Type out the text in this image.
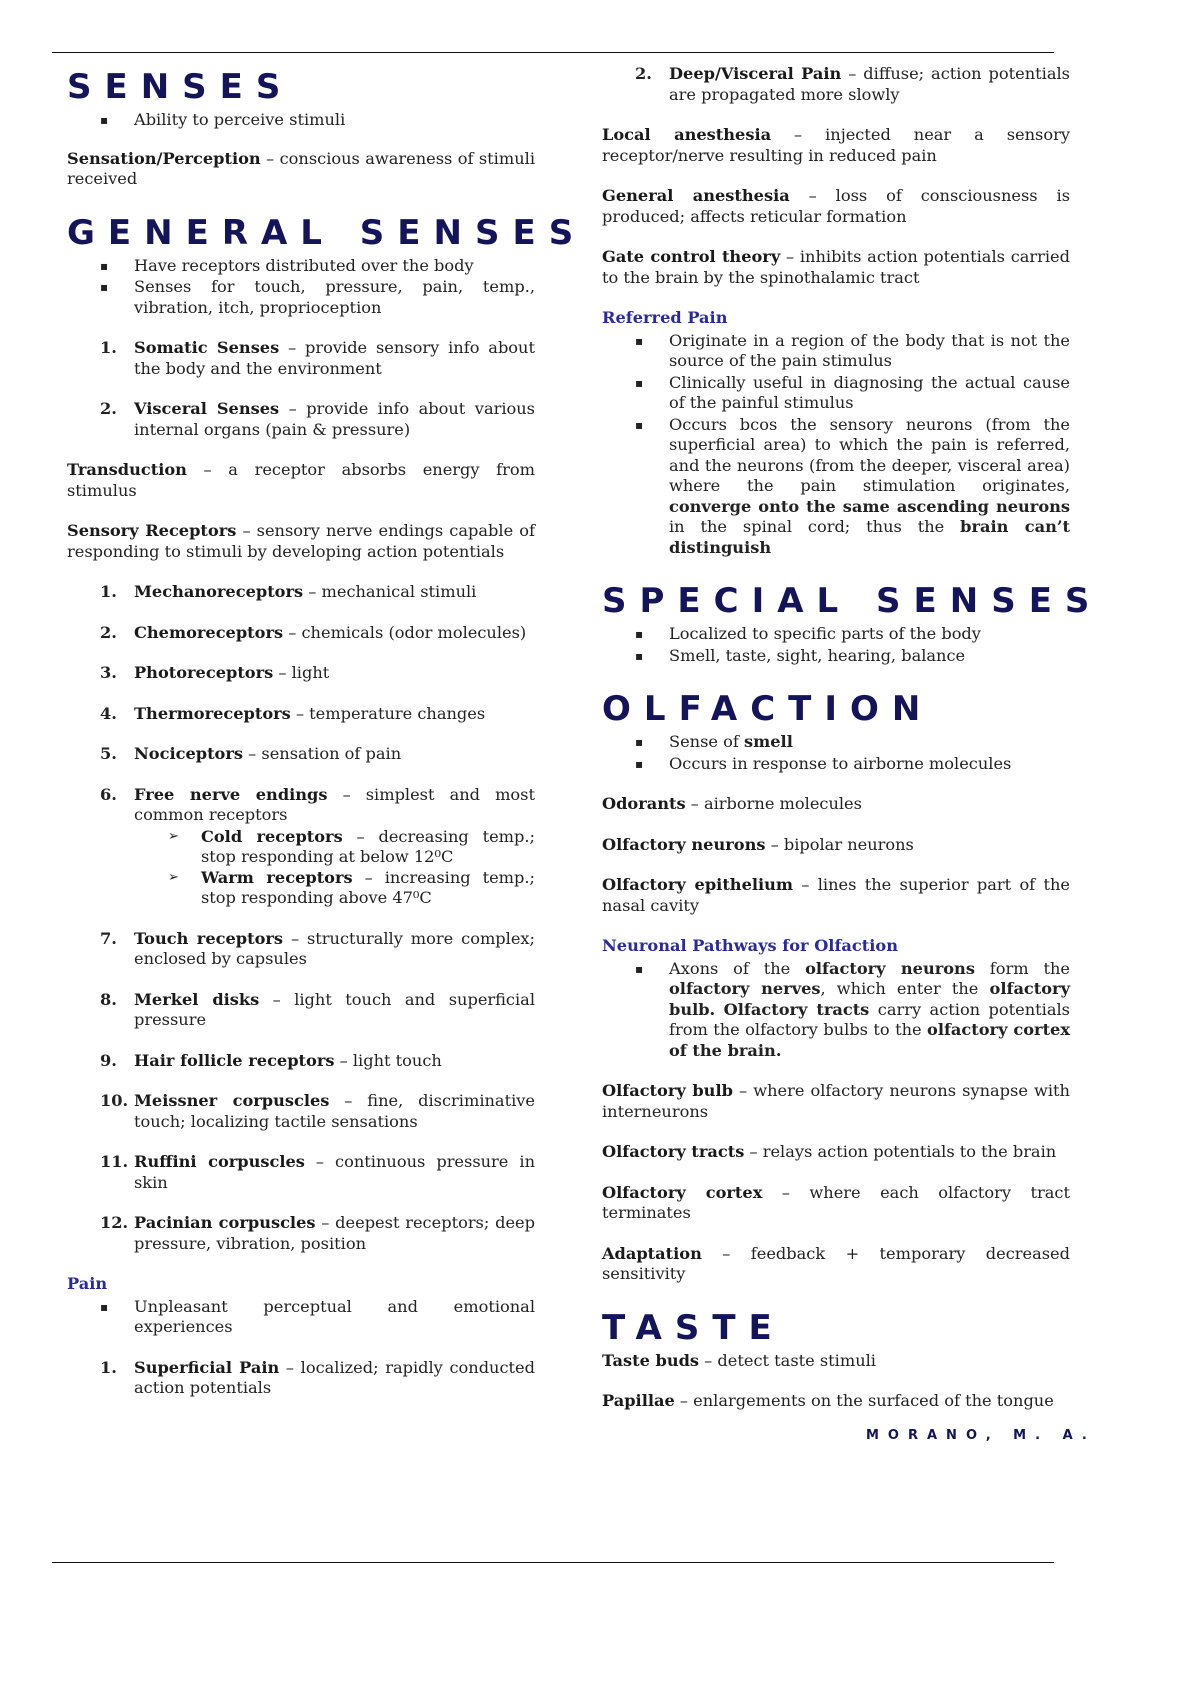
SENSES
▪ Ability to perceive stimuli

Sensation/Perception – conscious awareness of stimuli received

GENERAL SENSES
▪ Have receptors distributed over the body
▪ Senses for touch, pressure, pain, temp., vibration, itch, proprioception
1. Somatic Senses – provide sensory info about the body and the environment
2. Visceral Senses – provide info about various internal organs (pain & pressure)

Transduction – a receptor absorbs energy from stimulus

Sensory Receptors – sensory nerve endings capable of responding to stimuli by developing action potentials

1. Mechanoreceptors – mechanical stimuli
2. Chemoreceptors – chemicals (odor molecules)
3. Photoreceptors – light
4. Thermoreceptors – temperature changes
5. Nociceptors – sensation of pain
6. Free nerve endings – simplest and most common receptors
➢ Cold receptors – decreasing temp.; stop responding at below 12⁰C
➢ Warm receptors – increasing temp.; stop responding above 47⁰C
7. Touch receptors – structurally more complex; enclosed by capsules
8. Merkel disks – light touch and superficial pressure
9. Hair follicle receptors – light touch
10. Meissner corpuscles – fine, discriminative touch; localizing tactile sensations
11. Ruffini corpuscles – continuous pressure in skin
12. Pacinian corpuscles – deepest receptors; deep pressure, vibration, position
Pain
▪ Unpleasant perceptual and emotional experiences
1. Superficial Pain – localized; rapidly conducted action potentials
2. Deep/Visceral Pain – diffuse; action potentials are propagated more slowly

Local anesthesia – injected near a sensory receptor/nerve resulting in reduced pain

General anesthesia – loss of consciousness is produced; affects reticular formation

Gate control theory – inhibits action potentials carried to the brain by the spinothalamic tract

Referred Pain
▪ Originate in a region of the body that is not the source of the pain stimulus
▪ Clinically useful in diagnosing the actual cause of the painful stimulus
▪ Occurs bcos the sensory neurons (from the superficial area) to which the pain is referred, and the neurons (from the deeper, visceral area) where the pain stimulation originates, converge onto the same ascending neurons in the spinal cord; thus the brain can’t distinguish
SPECIAL SENSES
▪ Localized to specific parts of the body
▪ Smell, taste, sight, hearing, balance
OLFACTION
▪ Sense of smell
▪ Occurs in response to airborne molecules

Odorants – airborne molecules

Olfactory neurons – bipolar neurons

Olfactory epithelium – lines the superior part of the nasal cavity

Neuronal Pathways for Olfaction
▪ Axons of the olfactory neurons form the olfactory nerves, which enter the olfactory bulb. Olfactory tracts carry action potentials from the olfactory bulbs to the olfactory cortex of the brain.

Olfactory bulb – where olfactory neurons synapse with interneurons

Olfactory tracts – relays action potentials to the brain

Olfactory cortex – where each olfactory tract terminates

Adaptation – feedback + temporary decreased sensitivity

TASTE

Taste buds – detect taste stimuli

Papillae – enlargements on the surfaced of the tongue

MORANO, M. A.
